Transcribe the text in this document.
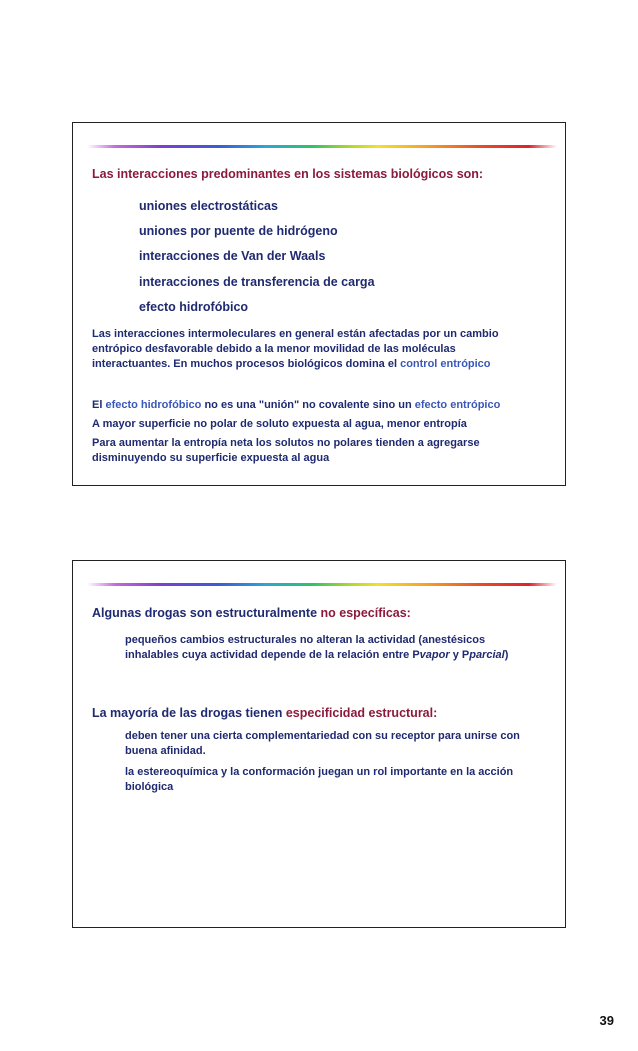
Las interacciones predominantes en los sistemas biológicos son:
uniones electrostáticas
uniones por puente de hidrógeno
interacciones de Van der Waals
interacciones de transferencia de carga
efecto hidrofóbico
Las interacciones intermoleculares en general están afectadas por un cambio
entrópico desfavorable debido a la menor movilidad de las moléculas
interactuantes. En muchos procesos biológicos domina el control entrópico
El efecto hidrofóbico no es una "unión" no covalente sino un efecto entrópico
A mayor superficie no polar de soluto expuesta al agua, menor entropía
Para aumentar la entropía neta los solutos no polares tienden a agregarse
disminuyendo su superficie expuesta al agua
Algunas drogas son estructuralmente no específicas:
pequeños cambios estructurales no alteran la actividad (anestésicos
inhalables cuya actividad depende de la relación entre Pvapor y Pparcial)
La mayoría de las drogas tienen especificidad estructural:
deben tener una cierta complementariedad con su receptor para unirse con
buena afinidad.
la estereoquímica y la conformación juegan un rol importante en la acción
biológica
39
